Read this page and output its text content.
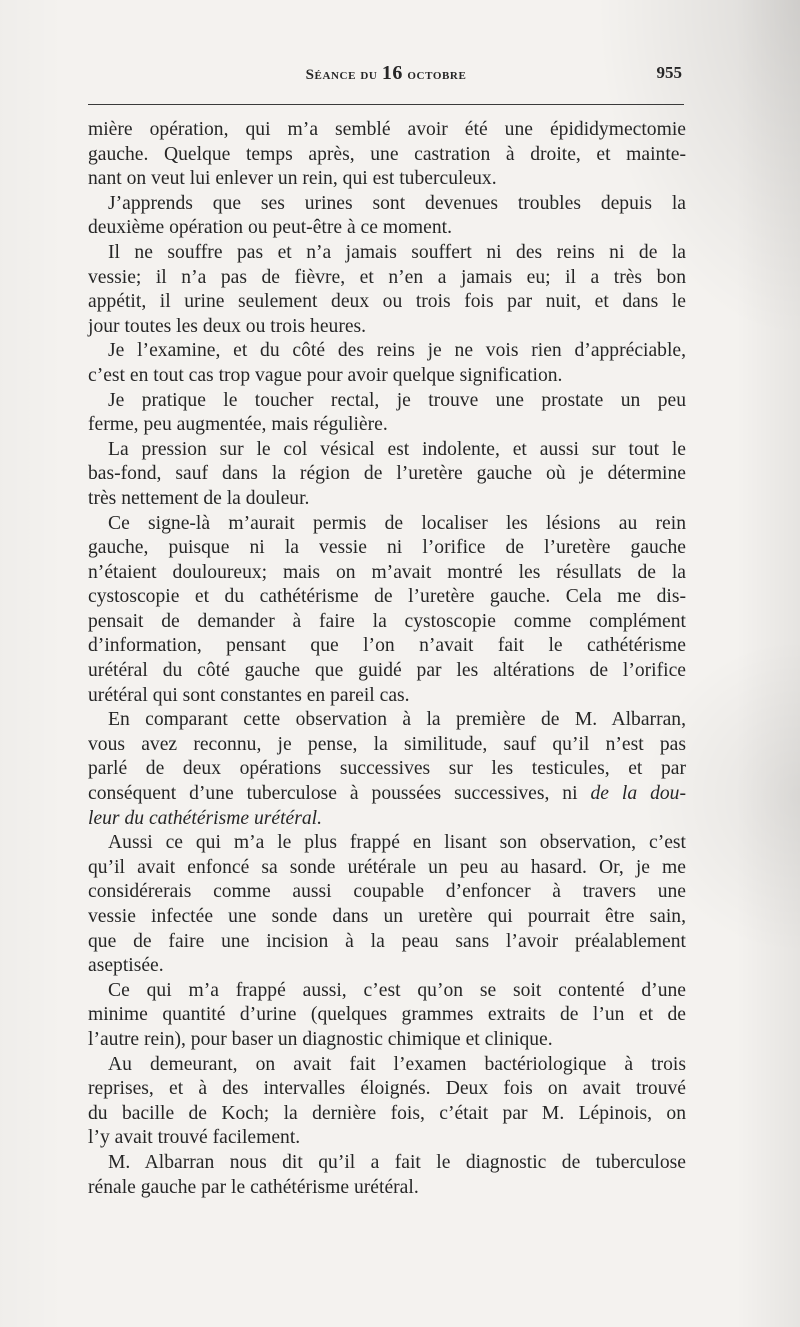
Séance du 16 octobre	955
mière opération, qui m’a semblé avoir été une épididymectomie
gauche. Quelque temps après, une castration à droite, et mainte-
nant on veut lui enlever un rein, qui est tuberculeux.
J’apprends que ses urines sont devenues troubles depuis la
deuxième opération ou peut-être à ce moment.
Il ne souffre pas et n’a jamais souffert ni des reins ni de la
vessie; il n’a pas de fièvre, et n’en a jamais eu; il a très bon
appétit, il urine seulement deux ou trois fois par nuit, et dans le
jour toutes les deux ou trois heures.
Je l’examine, et du côté des reins je ne vois rien d’appréciable,
c’est en tout cas trop vague pour avoir quelque signification.
Je pratique le toucher rectal, je trouve une prostate un peu
ferme, peu augmentée, mais régulière.
La pression sur le col vésical est indolente, et aussi sur tout le
bas-fond, sauf dans la région de l’uretère gauche où je détermine
très nettement de la douleur.
Ce signe-là m’aurait permis de localiser les lésions au rein
gauche, puisque ni la vessie ni l’orifice de l’uretère gauche
n’étaient douloureux; mais on m’avait montré les résullats de la
cystoscopie et du cathétérisme de l’uretère gauche. Cela me dis-
pensait de demander à faire la cystoscopie comme complément
d’information, pensant que l’on n’avait fait le cathétérisme
urétéral du côté gauche que guidé par les altérations de l’orifice
urétéral qui sont constantes en pareil cas.
En comparant cette observation à la première de M. Albarran,
vous avez reconnu, je pense, la similitude, sauf qu’il n’est pas
parlé de deux opérations successives sur les testicules, et par
conséquent d’une tuberculose à poussées successives, ni de la dou-
leur du cathétérisme urétéral.
Aussi ce qui m’a le plus frappé en lisant son observation, c’est
qu’il avait enfoncé sa sonde urétérale un peu au hasard. Or, je me
considérerais comme aussi coupable d’enfoncer à travers une
vessie infectée une sonde dans un uretère qui pourrait être sain,
que de faire une incision à la peau sans l’avoir préalablement
aseptisée.
Ce qui m’a frappé aussi, c’est qu’on se soit contenté d’une
minime quantité d’urine (quelques grammes extraits de l’un et de
l’autre rein), pour baser un diagnostic chimique et clinique.
Au demeurant, on avait fait l’examen bactériologique à trois
reprises, et à des intervalles éloignés. Deux fois on avait trouvé
du bacille de Koch; la dernière fois, c’était par M. Lépinois, on
l’y avait trouvé facilement.
M. Albarran nous dit qu’il a fait le diagnostic de tuberculose
rénale gauche par le cathétérisme urétéral.
